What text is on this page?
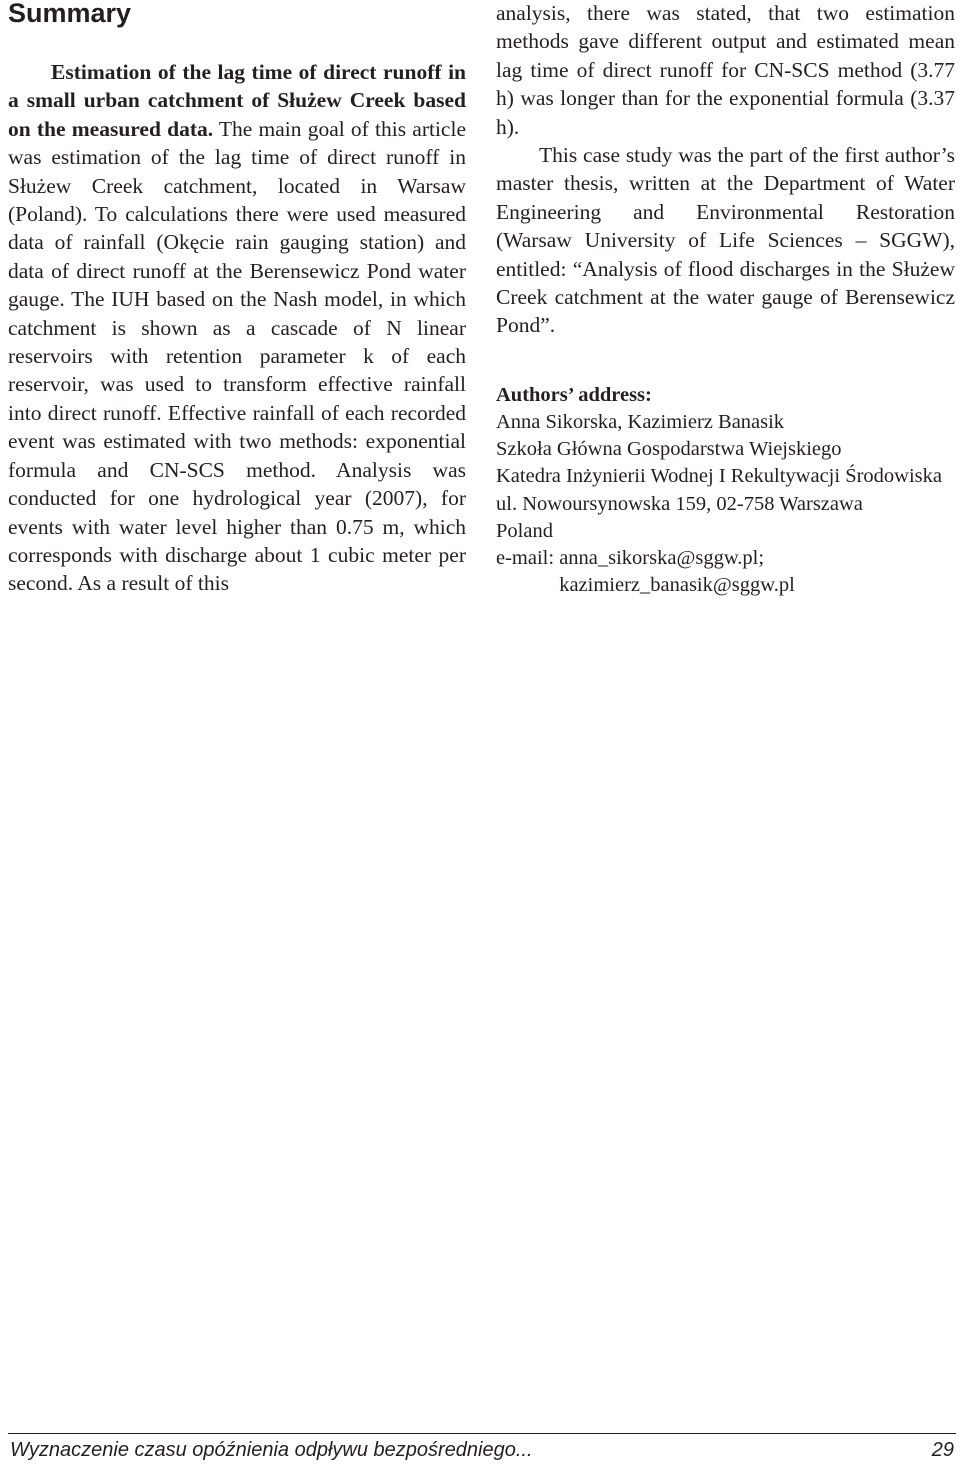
Summary

Estimation of the lag time of direct runoff in a small urban catchment of Służew Creek based on the measured data. The main goal of this article was estimation of the lag time of direct runoff in Służew Creek catchment, located in Warsaw (Poland). To calculations there were used measured data of rainfall (Okęcie rain gauging station) and data of direct runoff at the Berensewicz Pond water gauge. The IUH based on the Nash model, in which catchment is shown as a cascade of N linear reservoirs with retention parameter k of each reservoir, was used to transform effective rainfall into direct runoff. Effective rainfall of each recorded event was estimated with two methods: exponential formula and CN-SCS method. Analysis was conducted for one hydrological year (2007), for events with water level higher than 0.75 m, which corresponds with discharge about 1 cubic meter per second. As a result of this

analysis, there was stated, that two estimation methods gave different output and estimated mean lag time of direct runoff for CN-SCS method (3.77 h) was longer than for the exponential formula (3.37 h).

This case study was the part of the first author’s master thesis, written at the Department of Water Engineering and Environmental Restoration (Warsaw University of Life Sciences – SGGW), entitled: “Analysis of flood discharges in the Służew Creek catchment at the water gauge of Berensewicz Pond”.

Authors’ address:
Anna Sikorska, Kazimierz Banasik
Szkoła Główna Gospodarstwa Wiejskiego
Katedra Inżynierii Wodnej I Rekultywacji Środowiska
ul. Nowoursynowska 159, 02-758 Warszawa
Poland
e-mail: anna_sikorska@sggw.pl;
kazimierz_banasik@sggw.pl
Wyznaczenie czasu opóźnienia odpływu bezpośredniego...	29
